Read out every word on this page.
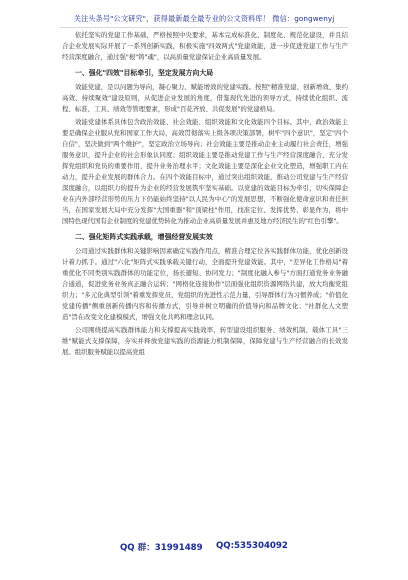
关注头条号"公文研究"，获得最新最全最专业的公文资料库！ 微信：gongwenyj

依托坚实的党建工作基础，严格按照中央要求，基本完成标准化、制度化、规范化建设，并且结合企业发展实际开展了一系列创新实践，积极实施"四效两式"党建效能，进一步促进党建工作与生产经营深度融合，通过强"根"铸"魂"，以高质量党建保证企业高质量发展。

一、强化"四效"目标牵引，坚定发展方向大局

效能党建，是以问题为导向，凝心聚力、赋能增效的党建实践。按照"精准党建、创新增效、集约高效、持续聚效"建设原则，从促进企业发展的角度，借鉴现代先进的领导方式，持续优化组织、流程、标准、工具、绩效等管理要素，形成"百花齐放、共促发展"的党建格局。

效能党建体系具体包含政治效能、社会效能、组织效能和文化效能四个目标。其中，政治效能主要是确保企业服从党和国家工作大局，高效贯彻落实上级各项决策部署，树牢"四个意识"，坚定"四个自信"，坚决做到"两个维护"，坚定政治立场导向；社会效能主要是推动企业主动履行社会责任，增强服务意识，提升企业的社会形象认同度；组织效能主要是推动党建工作与生产经营深度融合，充分发挥党组织和党员的重要作用，提升业务治理水平；文化效能主要是深化企业文化塑造，增强职工内在动力，提升企业发展的群体合力。在四个效能目标中，通过突出组织效能，推动公司党建与生产经营深度融合，以组织力的提升为企业的经营发展筑牢坚实基础。以党建的效能目标为牵引，切实保障企业在内外部经营形势的压力下仍能始终坚持"以人民为中心"的发展思想，不断强化使命意识和责任担当，在国家发展大局中充分发挥"大国重器"和"顶梁柱"作用，找准定位、发挥优势、彰显作为，将中国特色现代国有企业制度的党建优势转化为推动企业高质量发展并惠及地方经济民生的"红色引擎"。

二、强化矩阵式实践承载，增强经营发展实效

公司通过实践群体和关键影响因素确定实践作用点，精准合理定位各实践群体功能，优化创新设计着力抓手。通过"六化"矩阵式实践承载关键行动，全面提升党建效能。其中，"差异化工作格局"着重优化不同类别实践群体的功能定位，扬长避短、协同发力；"制度化融入参与"方面打通党务业务融合通道，促进党务业务真正融合运转；"网格化连接协作"层面强化组织资源网络共建，放大均衡党组织力；"多元化典型引领"着重发挥党员、党组织的先进性示范力量，引导群体行为习惯养成；"价值化党建传播"侧重创新传播内容和传播方式，引导并树立明确的价值导向和品牌文化；"社群化人文塑造"旨在改变文化建模模式，增强文化共鸣和理念认同。

公司围绕提高实践群体能力和支撑提高实践效率，转型建设组织服务、绩效机制、载体工具"三维"赋能式支撑保障，夯实并释放党建实践的资源能力机制保障，保障党建与生产经营融合的长效发展。组织服务赋能以提高党组

QQ 群：31991489 QQ:535304092
